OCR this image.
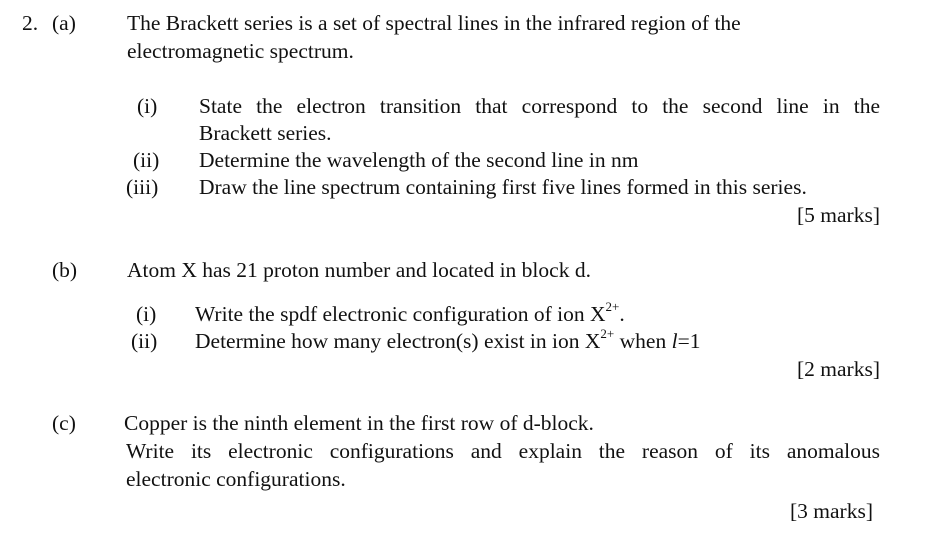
2. (a) The Brackett series is a set of spectral lines in the infrared region of the
electromagnetic spectrum.
(i) State the electron transition that correspond to the second line in the
Brackett series.
(ii) Determine the wavelength of the second line in nm
(iii) Draw the line spectrum containing first five lines formed in this series.
[5 marks]
(b) Atom X has 21 proton number and located in block d.
(i) Write the spdf electronic configuration of ion $X^{2+}$.
(ii) Determine how many electron(s) exist in ion $X^{2+}$ when l=1
[2 marks]
(c) Copper is the ninth element in the first row of d-block.
Write its electronic configurations and explain the reason of its anomalous
electronic configurations.
[3 marks]
